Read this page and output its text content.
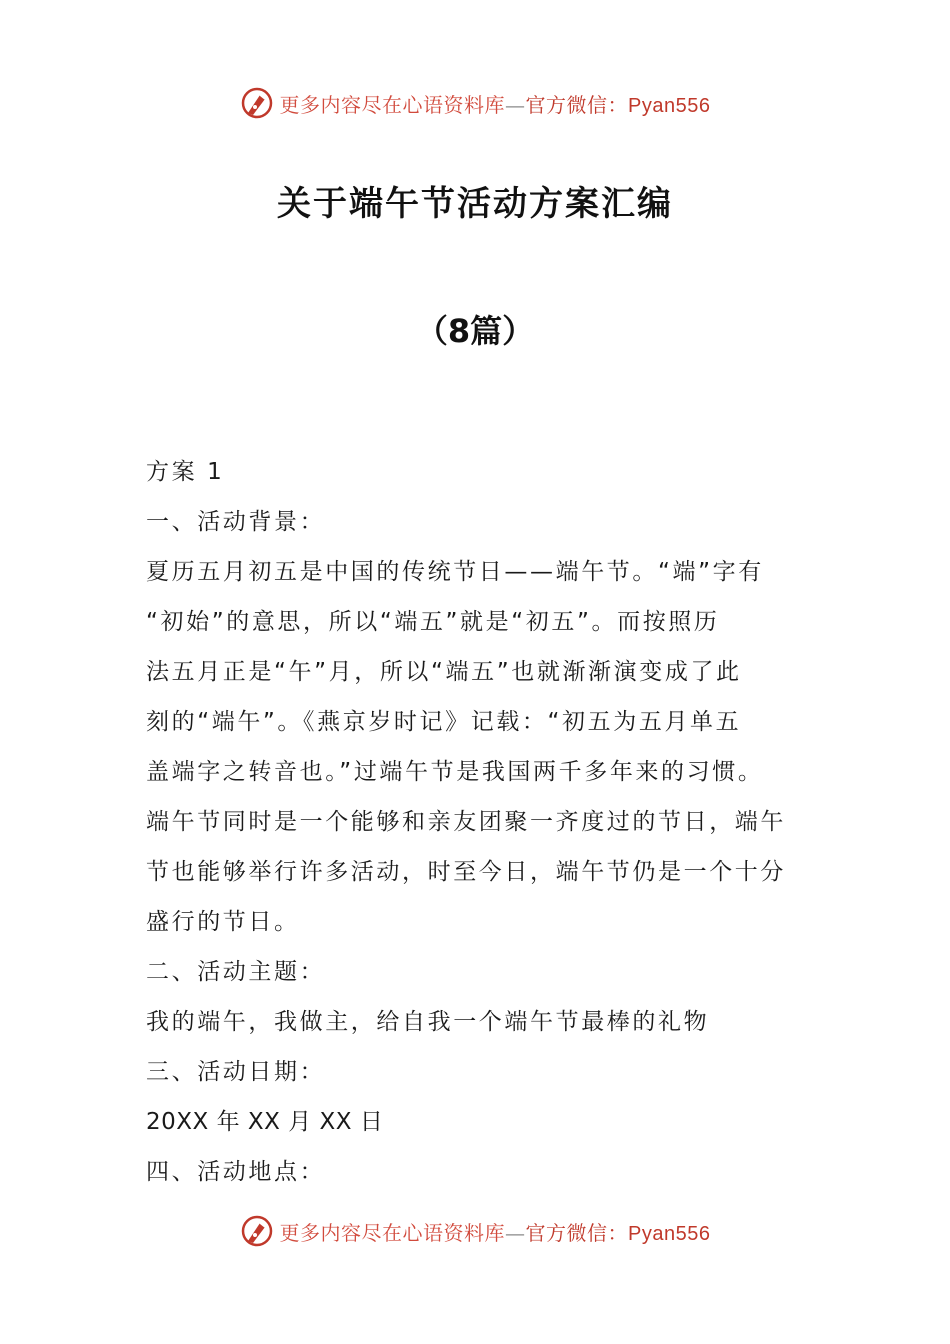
更多内容尽在心语资料库—官方微信：Pyan556
关于端午节活动方案汇编
（8篇）

方案 1

一、活动背景：

夏历五月初五是中国的传统节日——端午节。“端”字有

“初始”的意思，所以“端五”就是“初五”。而按照历

法五月正是“午”月，所以“端五”也就渐渐演变成了此

刻的“端午”。《燕京岁时记》记载：“初五为五月单五

盖端字之转音也。”过端午节是我国两千多年来的习惯。

端午节同时是一个能够和亲友团聚一齐度过的节日，端午

节也能够举行许多活动，时至今日，端午节仍是一个十分

盛行的节日。

二、活动主题：

我的端午，我做主，给自我一个端午节最棒的礼物

三、活动日期：

20XX 年 XX 月 XX 日

四、活动地点：

更多内容尽在心语资料库—官方微信：Pyan556
